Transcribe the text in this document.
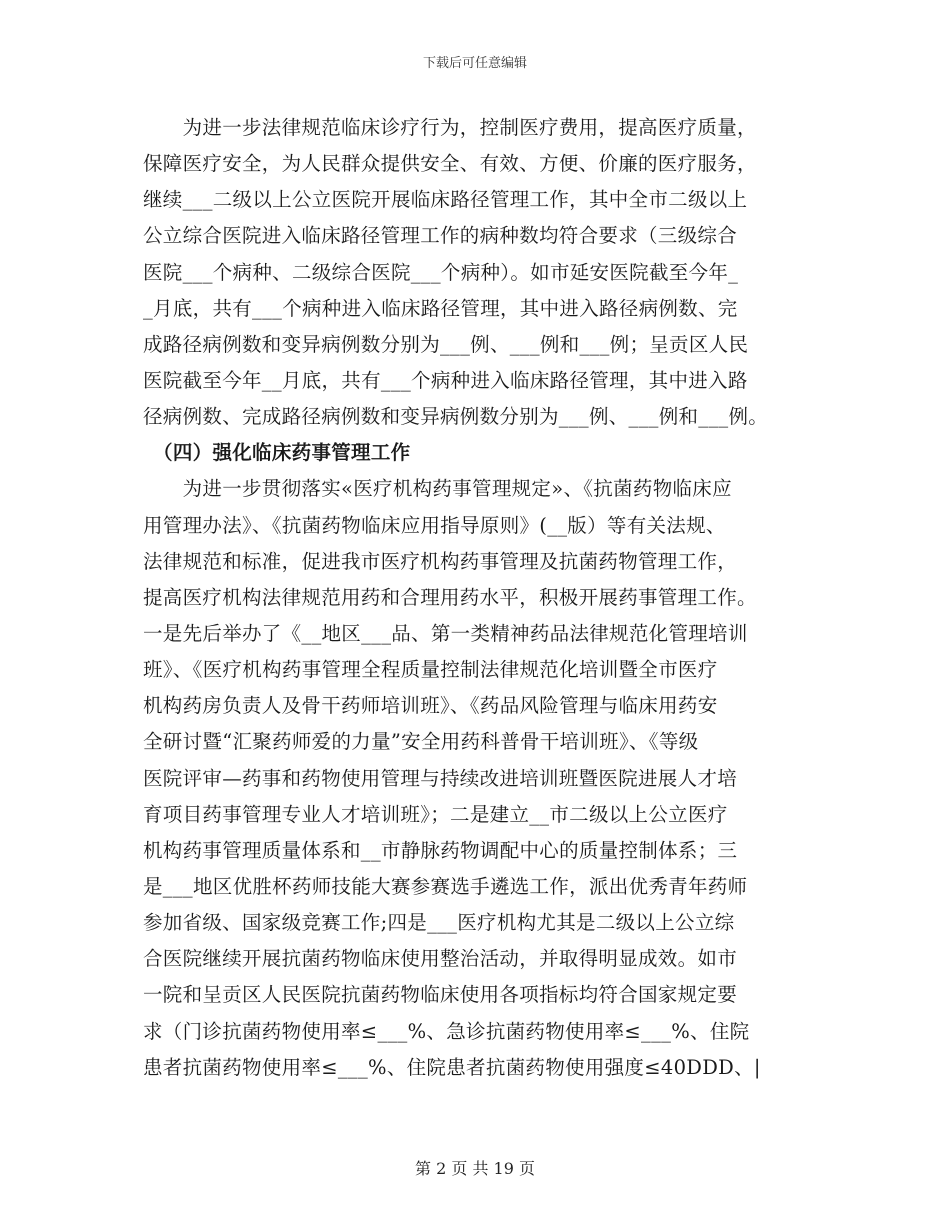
下载后可任意编辑
　　为进一步法律规范临床诊疗行为，控制医疗费用，提高医疗质量，
保障医疗安全，为人民群众提供安全、有效、方便、价廉的医疗服务，
继续___二级以上公立医院开展临床路径管理工作，其中全市二级以上
公立综合医院进入临床路径管理工作的病种数均符合要求（三级综合
医院___个病种、二级综合医院___个病种）。如市延安医院截至今年_
_月底，共有___个病种进入临床路径管理，其中进入路径病例数、完
成路径病例数和变异病例数分别为___例、___例和___例；呈贡区人民
医院截至今年__月底，共有___个病种进入临床路径管理，其中进入路
径病例数、完成路径病例数和变异病例数分别为___例、___例和___例。
　（四）强化临床药事管理工作
　　为进一步贯彻落实«医疗机构药事管理规定»、《抗菌药物临床应
用管理办法》、《抗菌药物临床应用指导原则》(__版）等有关法规、
法律规范和标准，促进我市医疗机构药事管理及抗菌药物管理工作，
提高医疗机构法律规范用药和合理用药水平，积极开展药事管理工作。
一是先后举办了《__地区___品、第一类精神药品法律规范化管理培训
班》、《医疗机构药事管理全程质量控制法律规范化培训暨全市医疗
机构药房负责人及骨干药师培训班》、《药品风险管理与临床用药安
全研讨暨“汇聚药师爱的力量”安全用药科普骨干培训班》、《等级
医院评审—药事和药物使用管理与持续改进培训班暨医院进展人才培
育项目药事管理专业人才培训班》；二是建立__市二级以上公立医疗
机构药事管理质量体系和__市静脉药物调配中心的质量控制体系；三
是___地区优胜杯药师技能大赛参赛选手遴选工作，派出优秀青年药师
参加省级、国家级竞赛工作;四是___医疗机构尤其是二级以上公立综
合医院继续开展抗菌药物临床使用整治活动，并取得明显成效。如市
一院和呈贡区人民医院抗菌药物临床使用各项指标均符合国家规定要
求（门诊抗菌药物使用率≤___%、急诊抗菌药物使用率≤___%、住院
患者抗菌药物使用率≤___%、住院患者抗菌药物使用强度≤40DDD、|
第 2 页 共 19 页
